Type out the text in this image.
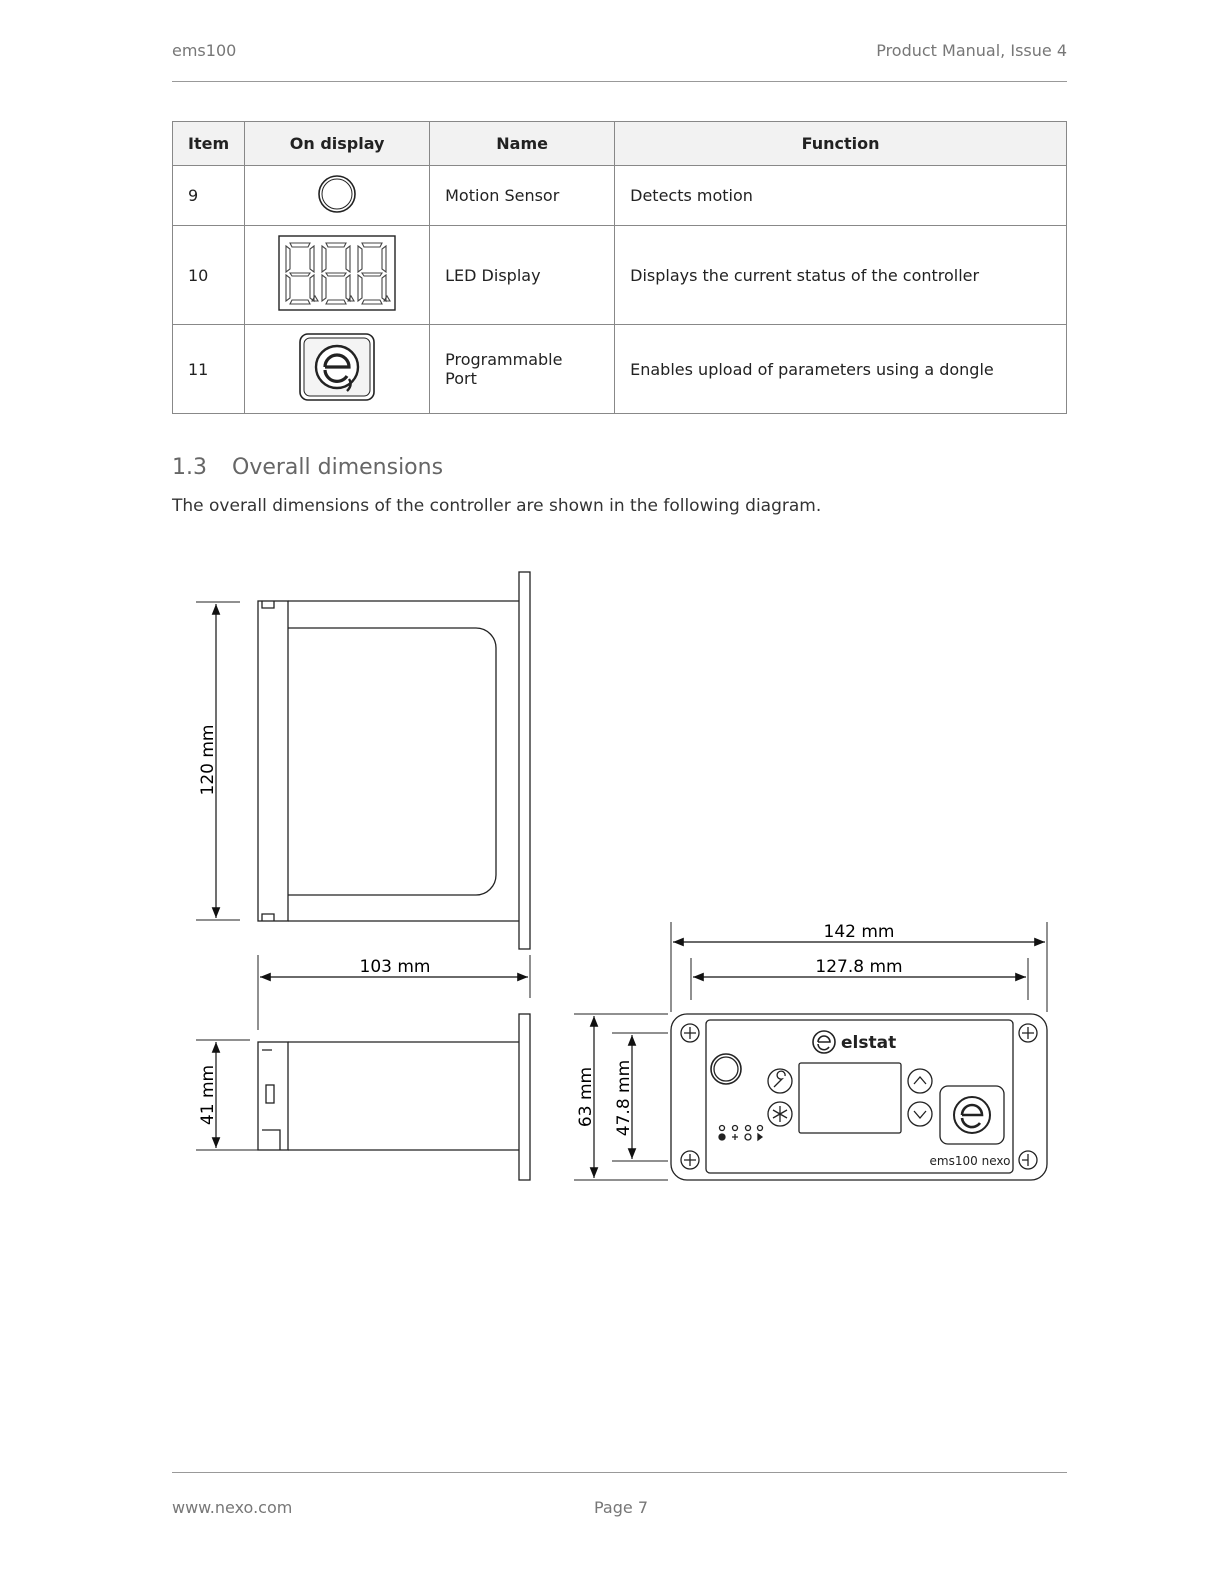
ems100	Product Manual, Issue 4
Item	On display	Name	Function
9		Motion Sensor	Detects motion
10		LED Display	Displays the current status of the controller
11		Programmable Port	Enables upload of parameters using a dongle
1.3 Overall dimensions
The overall dimensions of the controller are shown in the following diagram.
120 mm
103 mm
41 mm
142 mm
127.8 mm
63 mm 47.8 mm
elstat
ems100 nexo
www.nexo.com	Page 7
